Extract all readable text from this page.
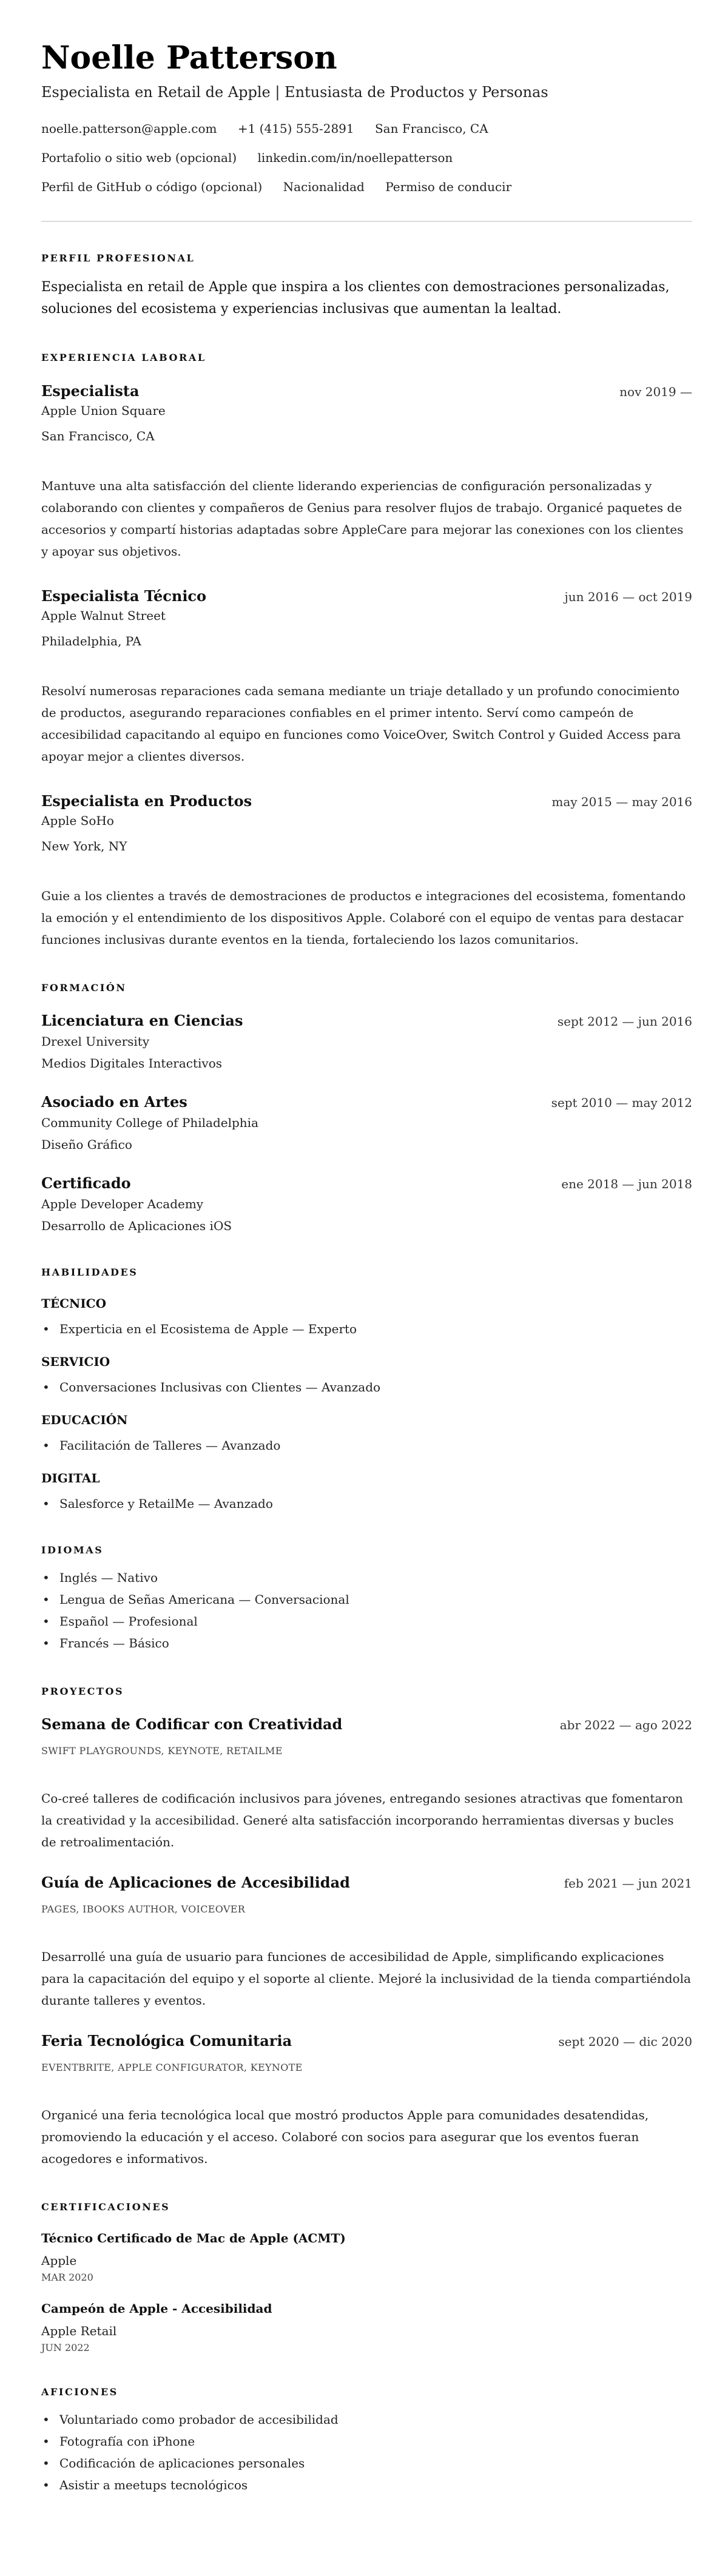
Noelle Patterson
Especialista en Retail de Apple | Entusiasta de Productos y Personas
noelle.patterson@apple.com +1 (415) 555-2891 San Francisco, CA
Portafolio o sitio web (opcional) linkedin.com/in/noellepatterson
Perfil de GitHub o código (opcional) Nacionalidad Permiso de conducir
PERFIL PROFESIONAL
Especialista en retail de Apple que inspira a los clientes con demostraciones personalizadas, soluciones del ecosistema y experiencias inclusivas que aumentan la lealtad.
EXPERIENCIA LABORAL
Especialista	nov 2019 —
Apple Union Square
San Francisco, CA
Mantuve una alta satisfacción del cliente liderando experiencias de configuración personalizadas y colaborando con clientes y compañeros de Genius para resolver flujos de trabajo. Organicé paquetes de accesorios y compartí historias adaptadas sobre AppleCare para mejorar las conexiones con los clientes y apoyar sus objetivos.
Especialista Técnico	jun 2016 — oct 2019
Apple Walnut Street
Philadelphia, PA
Resolví numerosas reparaciones cada semana mediante un triaje detallado y un profundo conocimiento de productos, asegurando reparaciones confiables en el primer intento. Serví como campeón de accesibilidad capacitando al equipo en funciones como VoiceOver, Switch Control y Guided Access para apoyar mejor a clientes diversos.
Especialista en Productos	may 2015 — may 2016
Apple SoHo
New York, NY
Guie a los clientes a través de demostraciones de productos e integraciones del ecosistema, fomentando la emoción y el entendimiento de los dispositivos Apple. Colaboré con el equipo de ventas para destacar funciones inclusivas durante eventos en la tienda, fortaleciendo los lazos comunitarios.
FORMACIÓN
Licenciatura en Ciencias	sept 2012 — jun 2016
Drexel University
Medios Digitales Interactivos
Asociado en Artes	sept 2010 — may 2012
Community College of Philadelphia
Diseño Gráfico
Certificado	ene 2018 — jun 2018
Apple Developer Academy
Desarrollo de Aplicaciones iOS
HABILIDADES
TÉCNICO
• Experticia en el Ecosistema de Apple — Experto
SERVICIO
• Conversaciones Inclusivas con Clientes — Avanzado
EDUCACIÓN
• Facilitación de Talleres — Avanzado
DIGITAL
• Salesforce y RetailMe — Avanzado
IDIOMAS
• Inglés — Nativo
• Lengua de Señas Americana — Conversacional
• Español — Profesional
• Francés — Básico
PROYECTOS
Semana de Codificar con Creatividad	abr 2022 — ago 2022
SWIFT PLAYGROUNDS, KEYNOTE, RETAILME
Co-creé talleres de codificación inclusivos para jóvenes, entregando sesiones atractivas que fomentaron la creatividad y la accesibilidad. Generé alta satisfacción incorporando herramientas diversas y bucles de retroalimentación.
Guía de Aplicaciones de Accesibilidad	feb 2021 — jun 2021
PAGES, IBOOKS AUTHOR, VOICEOVER
Desarrollé una guía de usuario para funciones de accesibilidad de Apple, simplificando explicaciones para la capacitación del equipo y el soporte al cliente. Mejoré la inclusividad de la tienda compartiéndola durante talleres y eventos.
Feria Tecnológica Comunitaria	sept 2020 — dic 2020
EVENTBRITE, APPLE CONFIGURATOR, KEYNOTE
Organicé una feria tecnológica local que mostró productos Apple para comunidades desatendidas, promoviendo la educación y el acceso. Colaboré con socios para asegurar que los eventos fueran acogedores e informativos.
CERTIFICACIONES
Técnico Certificado de Mac de Apple (ACMT)
Apple
MAR 2020
Campeón de Apple - Accesibilidad
Apple Retail
JUN 2022
AFICIONES
• Voluntariado como probador de accesibilidad
• Fotografía con iPhone
• Codificación de aplicaciones personales
• Asistir a meetups tecnológicos
